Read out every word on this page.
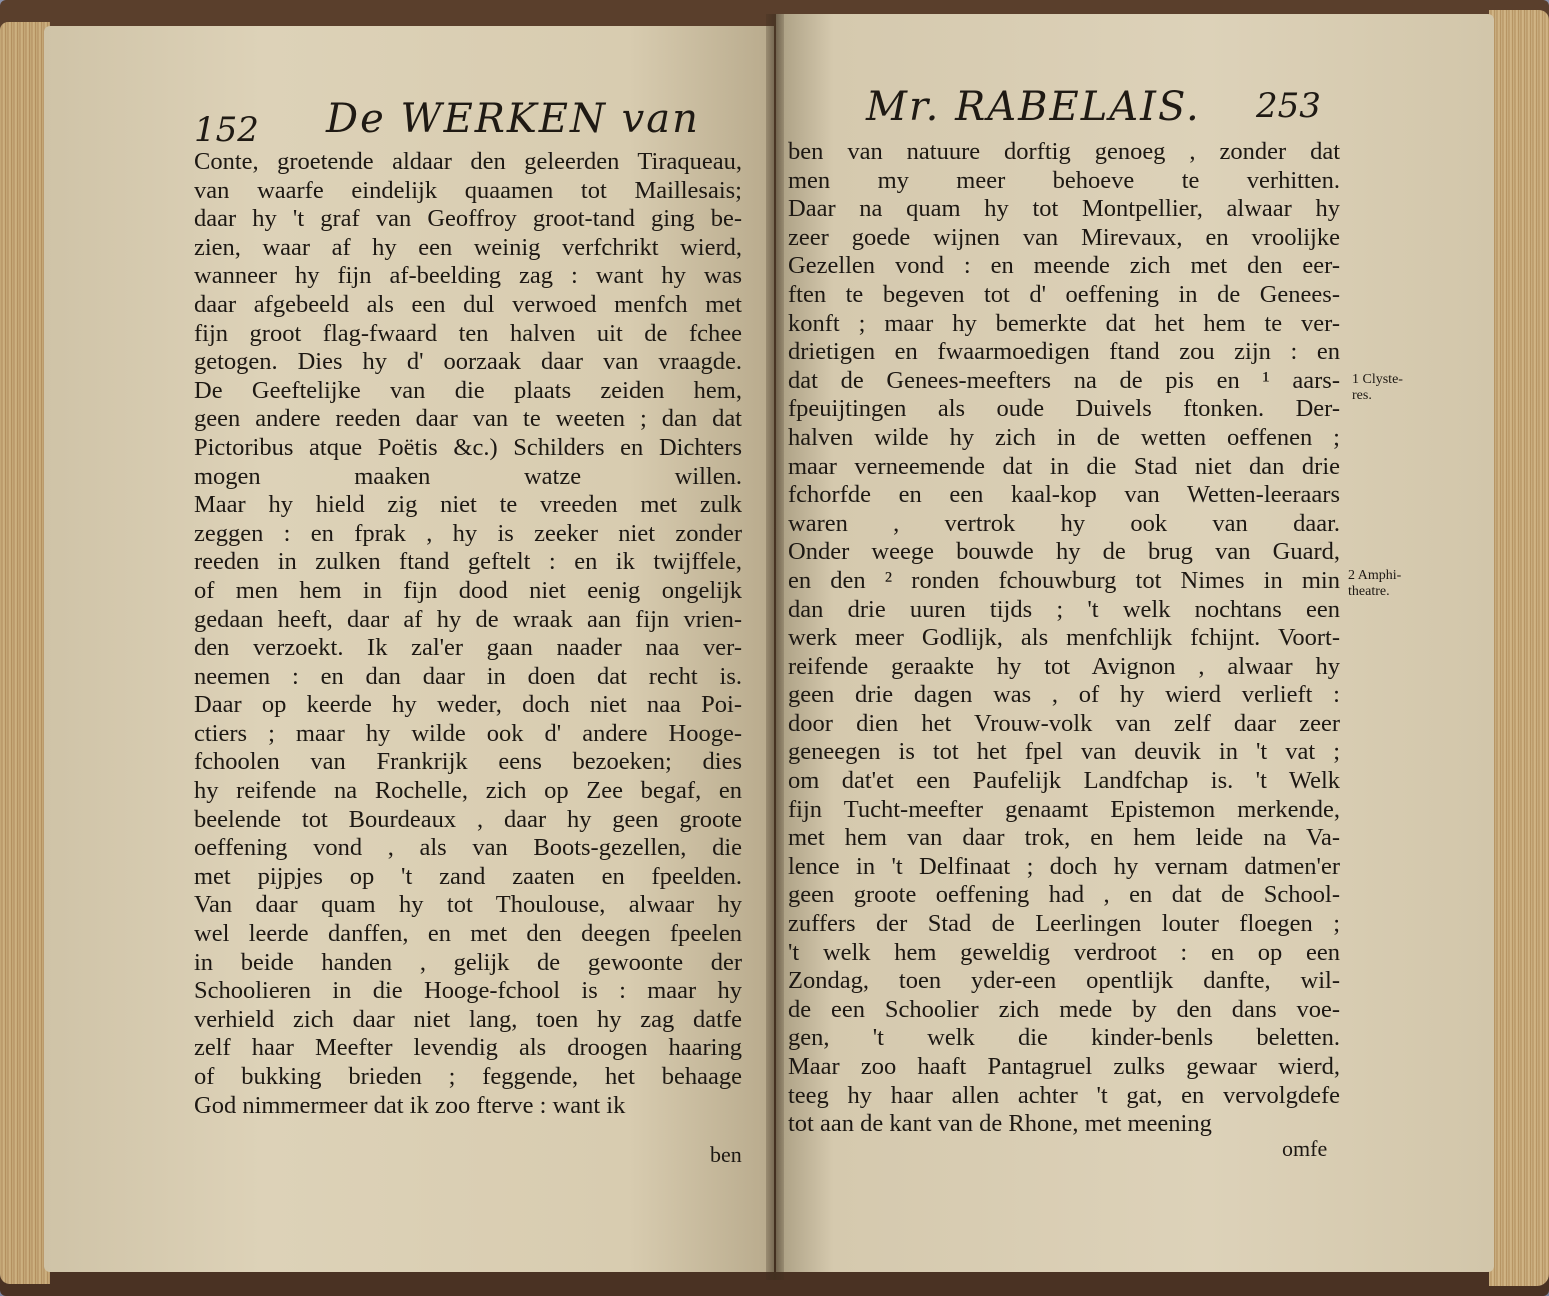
152 De WERKEN van
Conte, groetende aldaar den geleerden Tiraqueau,
van waarfe eindelijk quaamen tot Maillesais;
daar hy 't graf van Geoffroy groot-tand ging be-
zien, waar af hy een weinig verfchrikt wierd,
wanneer hy fijn af-beelding zag : want hy was
daar afgebeeld als een dul verwoed menfch met
fijn groot flag-fwaard ten halven uit de fchee
getogen. Dies hy d' oorzaak daar van vraagde.
De Geeftelijke van die plaats zeiden hem,
geen andere reeden daar van te weeten ; dan dat
Pictoribus atque Poëtis &c.) Schilders en Dichters
mogen maaken watze willen.
Maar hy hield zig niet te vreeden met zulk
zeggen : en fprak , hy is zeeker niet zonder
reeden in zulken ftand geftelt : en ik twijffele,
of men hem in fijn dood niet eenig ongelijk
gedaan heeft, daar af hy de wraak aan fijn vrien-
den verzoekt. Ik zal'er gaan naader naa ver-
neemen : en dan daar in doen dat recht is.
Daar op keerde hy weder, doch niet naa Poi-
ctiers ; maar hy wilde ook d' andere Hooge-
fchoolen van Frankrijk eens bezoeken; dies
hy reifende na Rochelle, zich op Zee begaf, en
beelende tot Bourdeaux , daar hy geen groote
oeffening vond , als van Boots-gezellen, die
met pijpjes op 't zand zaaten en fpeelden.
Van daar quam hy tot Thoulouse, alwaar hy
wel leerde danffen, en met den deegen fpeelen
in beide handen , gelijk de gewoonte der
Schoolieren in die Hooge-fchool is : maar hy
verhield zich daar niet lang, toen hy zag datfe
zelf haar Meefter levendig als droogen haaring
of bukking brieden ; feggende, het behaage
God nimmermeer dat ik zoo fterve : want ik
ben
Mr. RABELAIS. 253
ben van natuure dorftig genoeg , zonder dat
men my meer behoeve te verhitten.
Daar na quam hy tot Montpellier, alwaar hy
zeer goede wijnen van Mirevaux, en vroolijke
Gezellen vond : en meende zich met den eer-
ften te begeven tot d' oeffening in de Genees-
konft ; maar hy bemerkte dat het hem te ver-
drietigen en fwaarmoedigen ftand zou zijn : en
dat de Genees-meefters na de pis en ¹ aars-
fpeuijtingen als oude Duivels ftonken. Der-
halven wilde hy zich in de wetten oeffenen ;
maar verneemende dat in die Stad niet dan drie
fchorfde en een kaal-kop van Wetten-leeraars
waren , vertrok hy ook van daar.
Onder weege bouwde hy de brug van Guard,
en den ² ronden fchouwburg tot Nimes in min
dan drie uuren tijds ; 't welk nochtans een
werk meer Godlijk, als menfchlijk fchijnt. Voort-
reifende geraakte hy tot Avignon , alwaar hy
geen drie dagen was , of hy wierd verlieft :
door dien het Vrouw-volk van zelf daar zeer
geneegen is tot het fpel van deuvik in 't vat ;
om dat'et een Paufelijk Landfchap is. 't Welk
fijn Tucht-meefter genaamt Epistemon merkende,
met hem van daar trok, en hem leide na Va-
lence in 't Delfinaat ; doch hy vernam datmen'er
geen groote oeffening had , en dat de School-
zuffers der Stad de Leerlingen louter floegen ;
't welk hem geweldig verdroot : en op een
Zondag, toen yder-een opentlijk danfte, wil-
de een Schoolier zich mede by den dans voe-
gen, 't welk die kinder-benls beletten.
Maar zoo haaft Pantagruel zulks gewaar wierd,
teeg hy haar allen achter 't gat, en vervolgdefe
tot aan de kant van de Rhone, met meening
1 Clyste-
res.
2 Amphi-
theatre.
omfe
